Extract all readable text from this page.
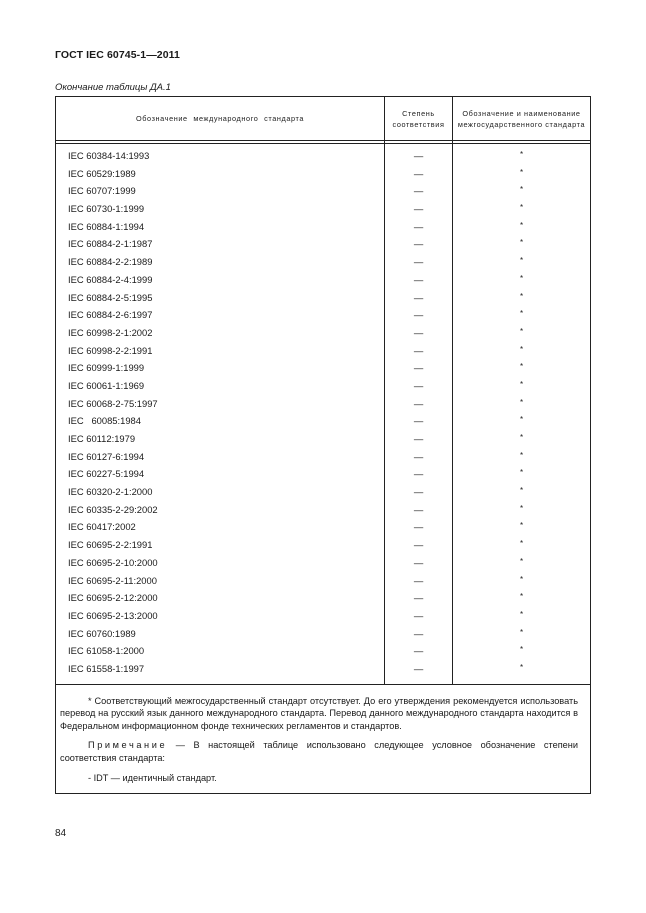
ГОСТ IEC 60745-1—2011
Окончание таблицы ДА.1
Обозначение международного стандарта
Степень соответствия
Обозначение и наименование межгосударственного стандарта
IEC 60384-14:1993
IEC 60529:1989
IEC 60707:1999
IEC 60730-1:1999
IEC 60884-1:1994
IEC 60884-2-1:1987
IEC 60884-2-2:1989
IEC 60884-2-4:1999
IEC 60884-2-5:1995
IEC 60884-2-6:1997
IEC 60998-2-1:2002
IEC 60998-2-2:1991
IEC 60999-1:1999
IEC 60061-1:1969
IEC 60068-2-75:1997
IEC   60085:1984
IEC 60112:1979
IEC 60127-6:1994
IEC 60227-5:1994
IEC 60320-2-1:2000
IEC 60335-2-29:2002
IEC 60417:2002
IEC 60695-2-2:1991
IEC 60695-2-10:2000
IEC 60695-2-11:2000
IEC 60695-2-12:2000
IEC 60695-2-13:2000
IEC 60760:1989
IEC 61058-1:2000
IEC 61558-1:1997
—
—
—
—
—
—
—
—
—
—
—
—
—
—
—
—
—
—
—
—
—
—
—
—
—
—
—
—
—
—
*
*
*
*
*
*
*
*
*
*
*
*
*
*
*
*
*
*
*
*
*
*
*
*
*
*
*
*
*
*

* Соответствующий межгосударственный стандарт отсутствует. До его утверждения рекомендуется использовать перевод на русский язык данного международного стандарта. Перевод данного международного стандарта находится в Федеральном информационном фонде технических регламентов и стандартов.

Примечание — В настоящей таблице использовано следующее условное обозначение степени соответствия стандарта:

- IDT — идентичный стандарт.

84
